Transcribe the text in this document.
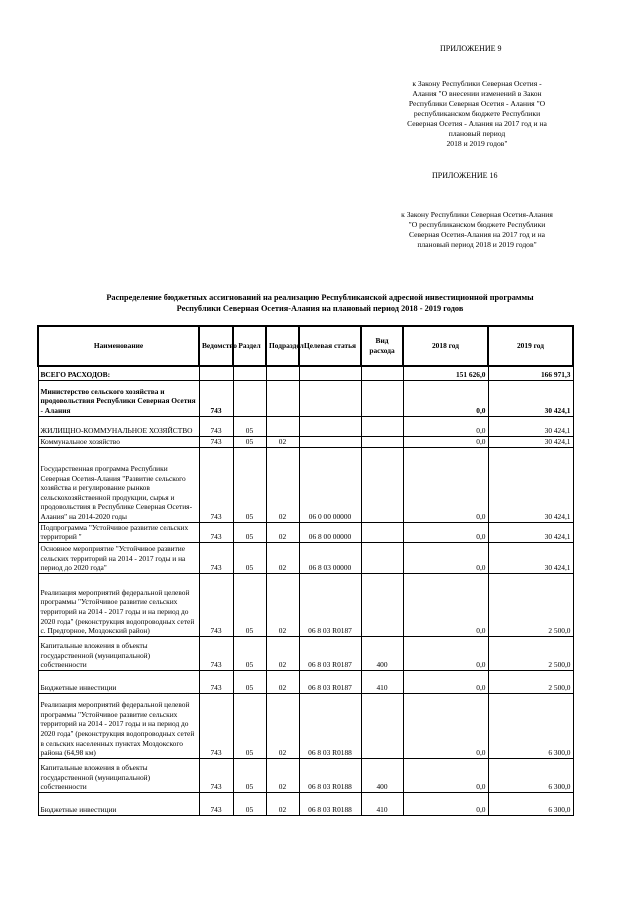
ПРИЛОЖЕНИЕ 9
к Закону Республики Северная Осетия -
Алания "О внесении изменений в Закон
Республики Северная Осетия - Алания "О
республиканском бюджете Республики
Северная Осетия - Алания на 2017 год и на
плановый период
2018 и 2019 годов"
ПРИЛОЖЕНИЕ 16
к Закону Республики Северная Осетия-Алания
"О республиканском бюджете Республики
Северная Осетия-Алания на 2017 год и на
плановый период 2018 и 2019 годов"
Распределение бюджетных ассигнований на реализацию Республиканской адресной инвестиционной программы
Республики Северная Осетия-Алания на плановый период 2018 - 2019 годов
Наименование	Ведомство	Раздел	Подраздел	Целевая статья	Вид расхода	2018 год	2019 год
ВСЕГО РАСХОДОВ:						151 626,0	166 971,3
Министерство сельского хозяйства и продовольствия Республики Северная Осетия - Алания	743					0,0	30 424,1
ЖИЛИЩНО-КОММУНАЛЬНОЕ ХОЗЯЙСТВО	743	05				0,0	30 424,1
Коммунальное хозяйство	743	05	02			0,0	30 424,1
Государственная программа Республики Северная Осетия-Алания "Развитие сельского хозяйства и регулирование рынков сельскохозяйственной продукции, сырья и продовольствия в Республике Северная Осетия-Алания" на 2014-2020 годы	743	05	02	06 0 00 00000		0,0	30 424,1
Подпрограмма "Устойчивое развитие сельских территорий "	743	05	02	06 8 00 00000		0,0	30 424,1
Основное мероприятие "Устойчивое развитие сельских территорий на 2014 - 2017 годы и на период до 2020 года"	743	05	02	06 8 03 00000		0,0	30 424,1
Реализация мероприятий федеральной целевой программы "Устойчивое развитие сельских территорий на 2014 - 2017 годы и на период до 2020 года" (реконструкция водопроводных сетей с. Предгорное, Моздокский район)	743	05	02	06 8 03 R0187		0,0	2 500,0
Капитальные вложения в объекты государственной (муниципальной) собственности	743	05	02	06 8 03 R0187	400	0,0	2 500,0
Бюджетные инвестиции	743	05	02	06 8 03 R0187	410	0,0	2 500,0
Реализация мероприятий федеральной целевой программы "Устойчивое развитие сельских территорий на 2014 - 2017 годы и на период до 2020 года" (реконструкция водопроводных сетей в сельских населенных пунктах Моздокского района (64,98 км)	743	05	02	06 8 03 R0188		0,0	6 300,0
Капитальные вложения в объекты государственной (муниципальной) собственности	743	05	02	06 8 03 R0188	400	0,0	6 300,0
Бюджетные инвестиции	743	05	02	06 8 03 R0188	410	0,0	6 300,0
